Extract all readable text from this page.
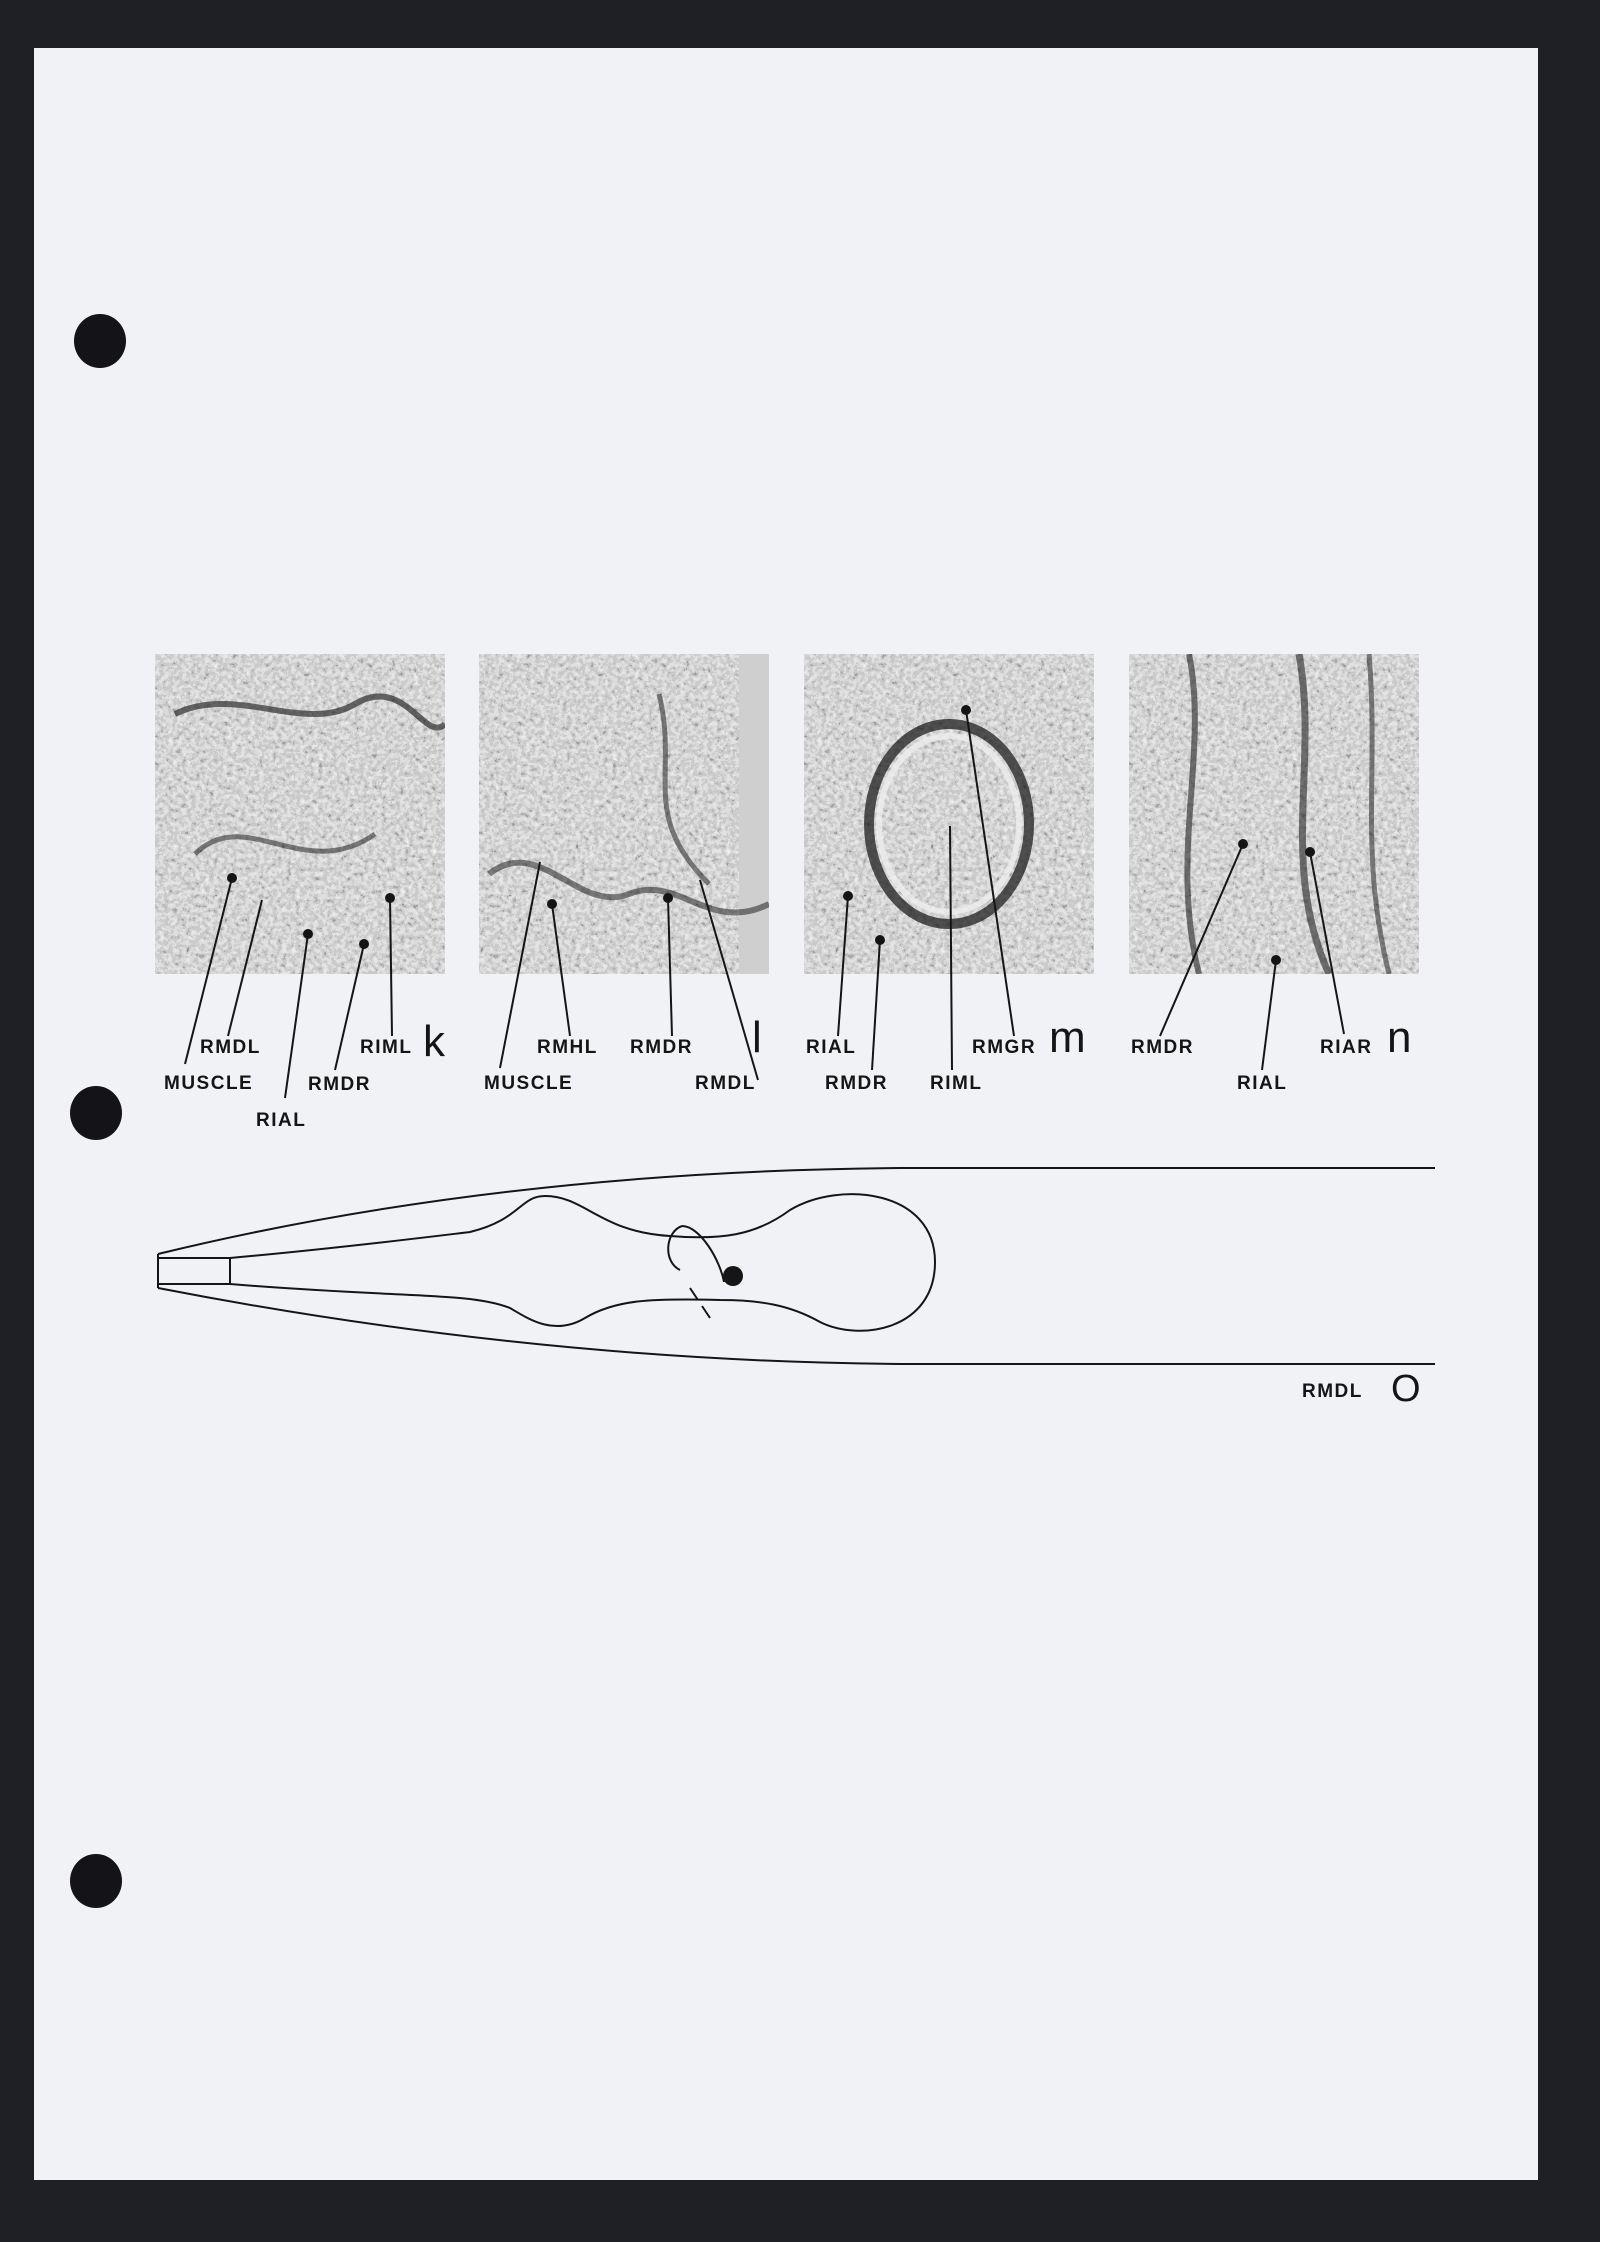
RMDL
MUSCLE
RIAL
RMDR
RIML k
MUSCLE
RMHL RMDR
RMDL
l RIAL
RMDR RIML
RMGR m RMDR
RIAL
RIAR n
RMDL O
